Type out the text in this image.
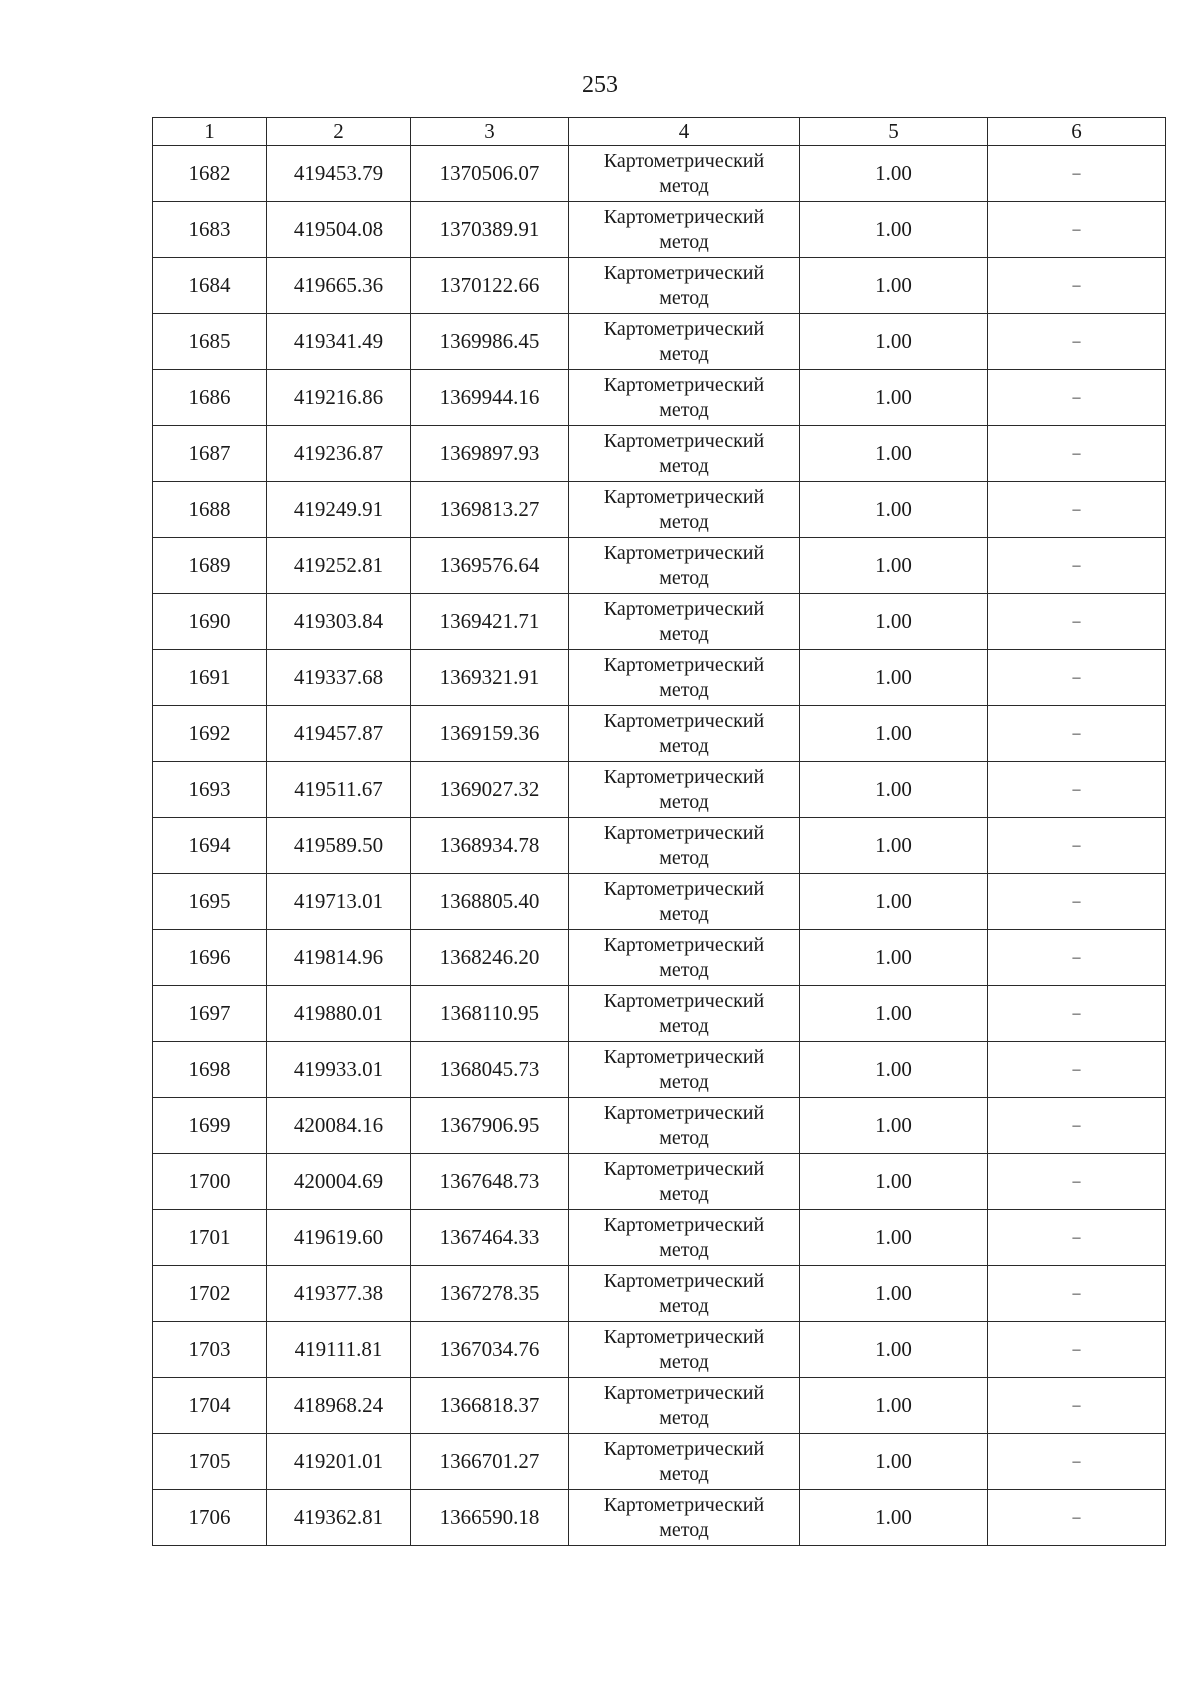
253
1	2	3	4	5	6
1682	419453.79	1370506.07	Картометрический
метод	1.00	–
1683	419504.08	1370389.91	Картометрический
метод	1.00	–
1684	419665.36	1370122.66	Картометрический
метод	1.00	–
1685	419341.49	1369986.45	Картометрический
метод	1.00	–
1686	419216.86	1369944.16	Картометрический
метод	1.00	–
1687	419236.87	1369897.93	Картометрический
метод	1.00	–
1688	419249.91	1369813.27	Картометрический
метод	1.00	–
1689	419252.81	1369576.64	Картометрический
метод	1.00	–
1690	419303.84	1369421.71	Картометрический
метод	1.00	–
1691	419337.68	1369321.91	Картометрический
метод	1.00	–
1692	419457.87	1369159.36	Картометрический
метод	1.00	–
1693	419511.67	1369027.32	Картометрический
метод	1.00	–
1694	419589.50	1368934.78	Картометрический
метод	1.00	–
1695	419713.01	1368805.40	Картометрический
метод	1.00	–
1696	419814.96	1368246.20	Картометрический
метод	1.00	–
1697	419880.01	1368110.95	Картометрический
метод	1.00	–
1698	419933.01	1368045.73	Картометрический
метод	1.00	–
1699	420084.16	1367906.95	Картометрический
метод	1.00	–
1700	420004.69	1367648.73	Картометрический
метод	1.00	–
1701	419619.60	1367464.33	Картометрический
метод	1.00	–
1702	419377.38	1367278.35	Картометрический
метод	1.00	–
1703	419111.81	1367034.76	Картометрический
метод	1.00	–
1704	418968.24	1366818.37	Картометрический
метод	1.00	–
1705	419201.01	1366701.27	Картометрический
метод	1.00	–
1706	419362.81	1366590.18	Картометрический
метод	1.00	–
